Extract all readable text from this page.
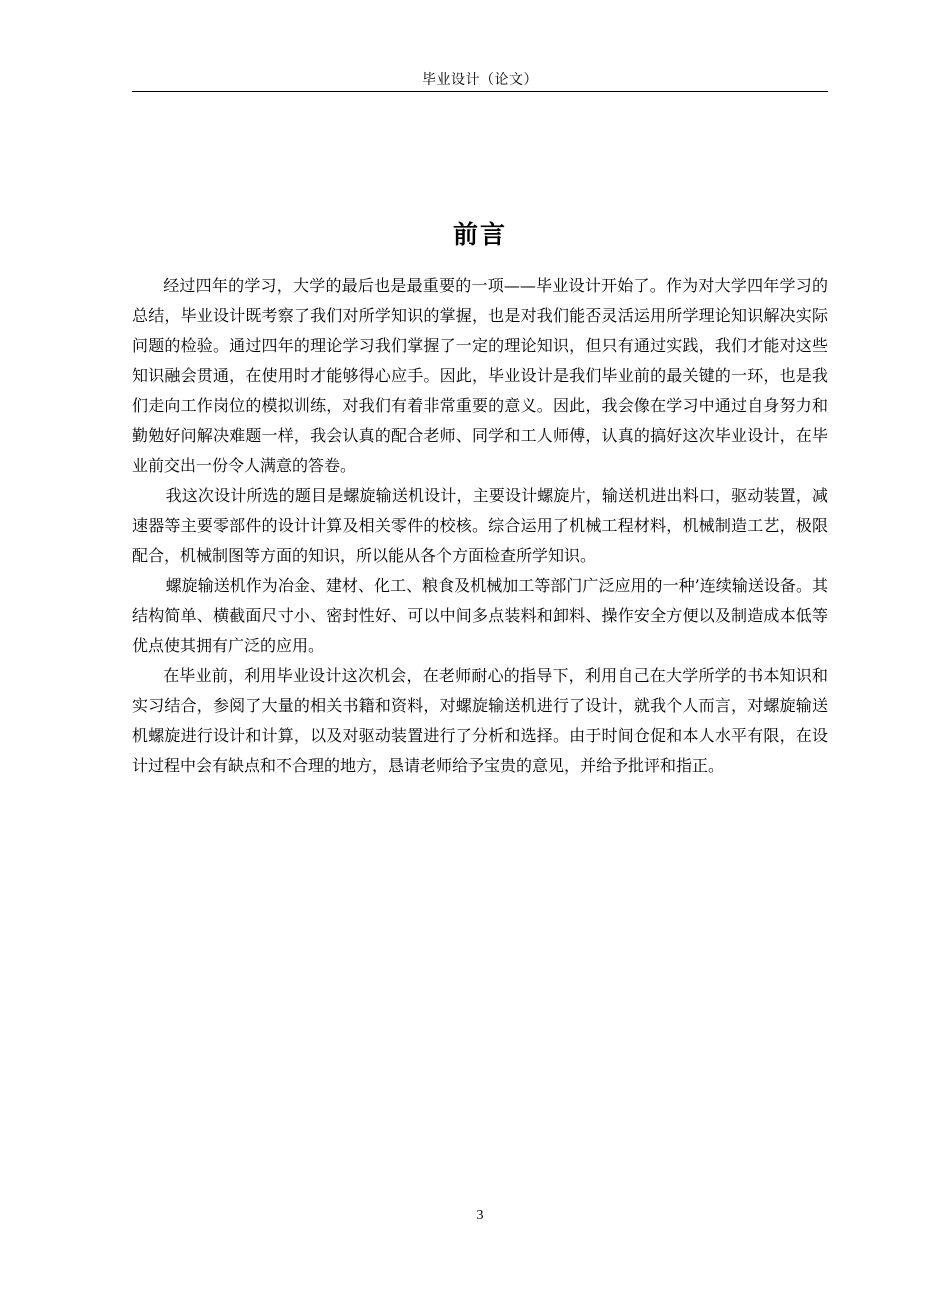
毕业设计（论文）
前言

经过四年的学习，大学的最后也是最重要的一项——毕业设计开始了。作为对大学四年学习的总结，毕业设计既考察了我们对所学知识的掌握，也是对我们能否灵活运用所学理论知识解决实际问题的检验。通过四年的理论学习我们掌握了一定的理论知识，但只有通过实践，我们才能对这些知识融会贯通，在使用时才能够得心应手。因此，毕业设计是我们毕业前的最关键的一环，也是我们走向工作岗位的模拟训练，对我们有着非常重要的意义。因此，我会像在学习中通过自身努力和勤勉好问解决难题一样，我会认真的配合老师、同学和工人师傅，认真的搞好这次毕业设计，在毕业前交出一份令人满意的答卷。

我这次设计所选的题目是螺旋输送机设计，主要设计螺旋片，输送机进出料口，驱动装置，减速器等主要零部件的设计计算及相关零件的校核。综合运用了机械工程材料，机械制造工艺，极限配合，机械制图等方面的知识，所以能从各个方面检查所学知识。

螺旋输送机作为冶金、建材、化工、粮食及机械加工等部门广泛应用的一种’连续输送设备。其结构简单、横截面尺寸小、密封性好、可以中间多点装料和卸料、操作安全方便以及制造成本低等优点使其拥有广泛的应用。

在毕业前，利用毕业设计这次机会，在老师耐心的指导下，利用自己在大学所学的书本知识和实习结合，参阅了大量的相关书籍和资料，对螺旋输送机进行了设计，就我个人而言，对螺旋输送机螺旋进行设计和计算，以及对驱动装置进行了分析和选择。由于时间仓促和本人水平有限，在设计过程中会有缺点和不合理的地方，恳请老师给予宝贵的意见，并给予批评和指正。

3
